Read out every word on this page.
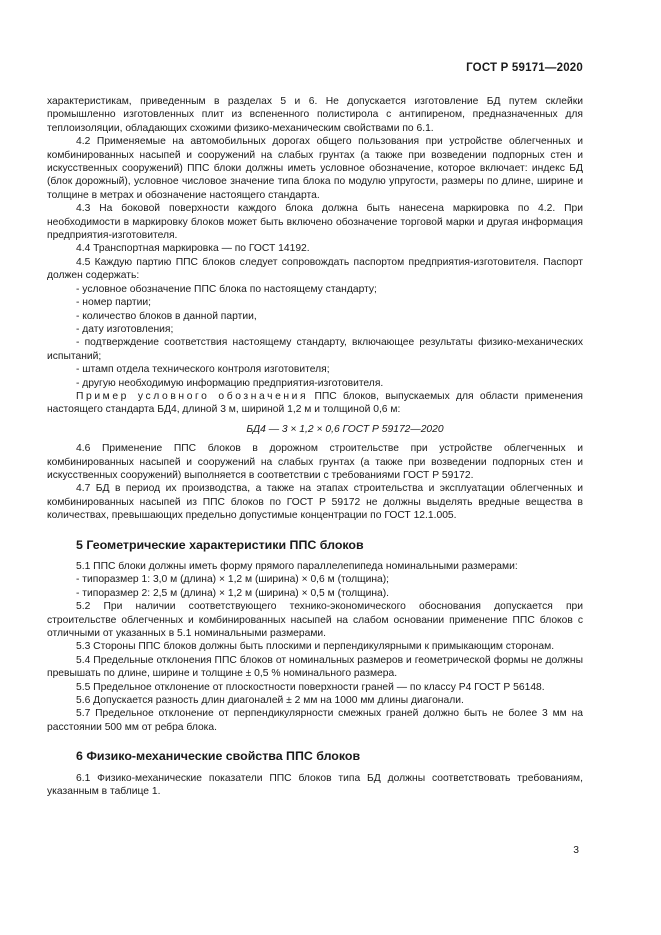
ГОСТ Р 59171—2020

характеристикам, приведенным в разделах 5 и 6. Не допускается изготовление БД путем склейки промышленно изготовленных плит из вспененного полистирола с антипиреном, предназначенных для теплоизоляции, обладающих схожими физико-механическим свойствами по 6.1.

4.2 Применяемые на автомобильных дорогах общего пользования при устройстве облегченных и комбинированных насыпей и сооружений на слабых грунтах (а также при возведении подпорных стен и искусственных сооружений) ППС блоки должны иметь условное обозначение, которое включает: индекс БД (блок дорожный), условное числовое значение типа блока по модулю упругости, размеры по длине, ширине и толщине в метрах и обозначение настоящего стандарта.

4.3 На боковой поверхности каждого блока должна быть нанесена маркировка по 4.2. При необходимости в маркировку блоков может быть включено обозначение торговой марки и другая информация предприятия-изготовителя.

4.4 Транспортная маркировка — по ГОСТ 14192.

4.5 Каждую партию ППС блоков следует сопровождать паспортом предприятия-изготовителя. Паспорт должен содержать:

- условное обозначение ППС блока по настоящему стандарту;

- номер партии;

- количество блоков в данной партии,

- дату изготовления;

- подтверждение соответствия настоящему стандарту, включающее результаты физико-механических испытаний;

- штамп отдела технического контроля изготовителя;

- другую необходимую информацию предприятия-изготовителя.

Пример условного обозначения ППС блоков, выпускаемых для области применения настоящего стандарта БД4, длиной 3 м, шириной 1,2 м и толщиной 0,6 м:

БД4 — 3 × 1,2 × 0,6 ГОСТ Р 59172—2020

4.6 Применение ППС блоков в дорожном строительстве при устройстве облегченных и комбинированных насыпей и сооружений на слабых грунтах (а также при возведении подпорных стен и искусственных сооружений) выполняется в соответствии с требованиями ГОСТ Р 59172.

4.7 БД в период их производства, а также на этапах строительства и эксплуатации облегченных и комбинированных насыпей из ППС блоков по ГОСТ Р 59172 не должны выделять вредные вещества в количествах, превышающих предельно допустимые концентрации по ГОСТ 12.1.005.

5 Геометрические характеристики ППС блоков

5.1 ППС блоки должны иметь форму прямого параллелепипеда номинальными размерами:

- типоразмер 1: 3,0 м (длина) × 1,2 м (ширина) × 0,6 м (толщина);

- типоразмер 2: 2,5 м (длина) × 1,2 м (ширина) × 0,5 м (толщина).

5.2 При наличии соответствующего технико-экономического обоснования допускается при строительстве облегченных и комбинированных насыпей на слабом основании применение ППС блоков с отличными от указанных в 5.1 номинальными размерами.

5.3 Стороны ППС блоков должны быть плоскими и перпендикулярными к примыкающим сторонам.

5.4 Предельные отклонения ППС блоков от номинальных размеров и геометрической формы не должны превышать по длине, ширине и толщине ± 0,5 % номинального размера.

5.5 Предельное отклонение от плоскостности поверхности граней — по классу Р4 ГОСТ Р 56148.

5.6 Допускается разность длин диагоналей ± 2 мм на 1000 мм длины диагонали.

5.7 Предельное отклонение от перпендикулярности смежных граней должно быть не более 3 мм на расстоянии 500 мм от ребра блока.

6 Физико-механические свойства ППС блоков

6.1 Физико-механические показатели ППС блоков типа БД должны соответствовать требованиям, указанным в таблице 1.

3
